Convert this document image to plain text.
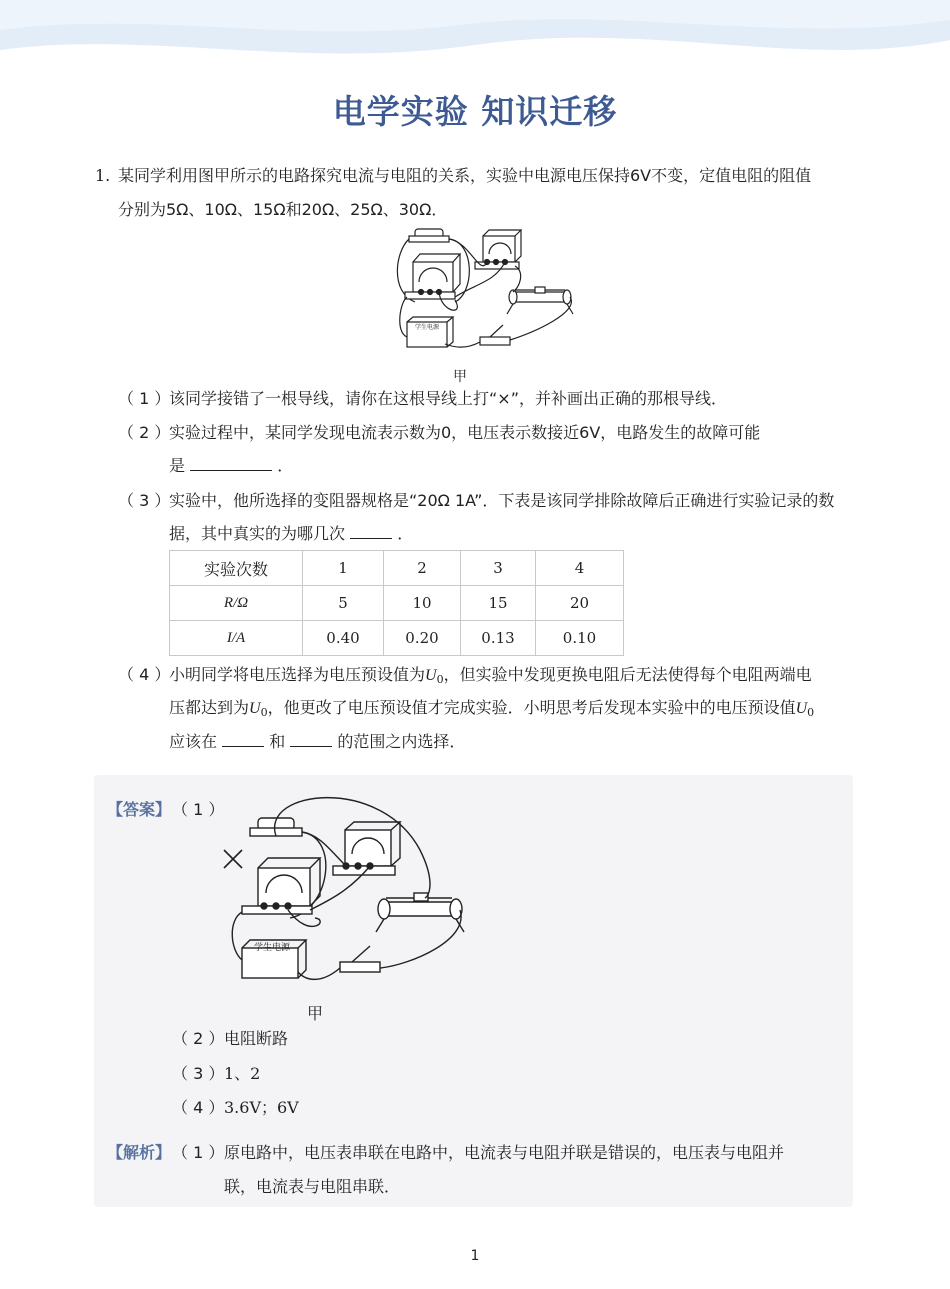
电学实验 知识迁移
1. 某同学利用图甲所示的电路探究电流与电阻的关系，实验中电源电压保持6V不变，定值电阻的阻值
分别为5Ω、10Ω、15Ω和20Ω、25Ω、30Ω．
学生电源
甲
（ 1 ）
该同学接错了一根导线，请你在这根导线上打“×”，并补画出正确的那根导线．
（ 2 ）
实验过程中，某同学发现电流表示数为0，电压表示数接近6V，电路发生的故障可能
是	．
（ 3 ）
实验中，他所选择的变阻器规格是“20Ω 1A”．下表是该同学排除故障后正确进行实验记录的数
据，其中真实的为哪几次	．
实验次数	1	2	3	4
R/Ω	5	10	15	20
I/A	0.40	0.20	0.13	0.10
（ 4 ）
小明同学将电压选择为电压预设值为$U_0$，但实验中发现更换电阻后无法使得每个电阻两端电
压都达到为$U_0$，他更改了电压预设值才完成实验．小明思考后发现本实验中的电压预设值$U_0$
应该在	和	的范围之内选择．
【答案】 （ 1 ）
学生电源
甲
（ 2 ） 电阻断路
（ 3 ） 1、2
（ 4 ） 3.6V；6V
【解析】 （ 1 ） 原电路中，电压表串联在电路中，电流表与电阻并联是错误的，电压表与电阻并
联，电流表与电阻串联．
1
